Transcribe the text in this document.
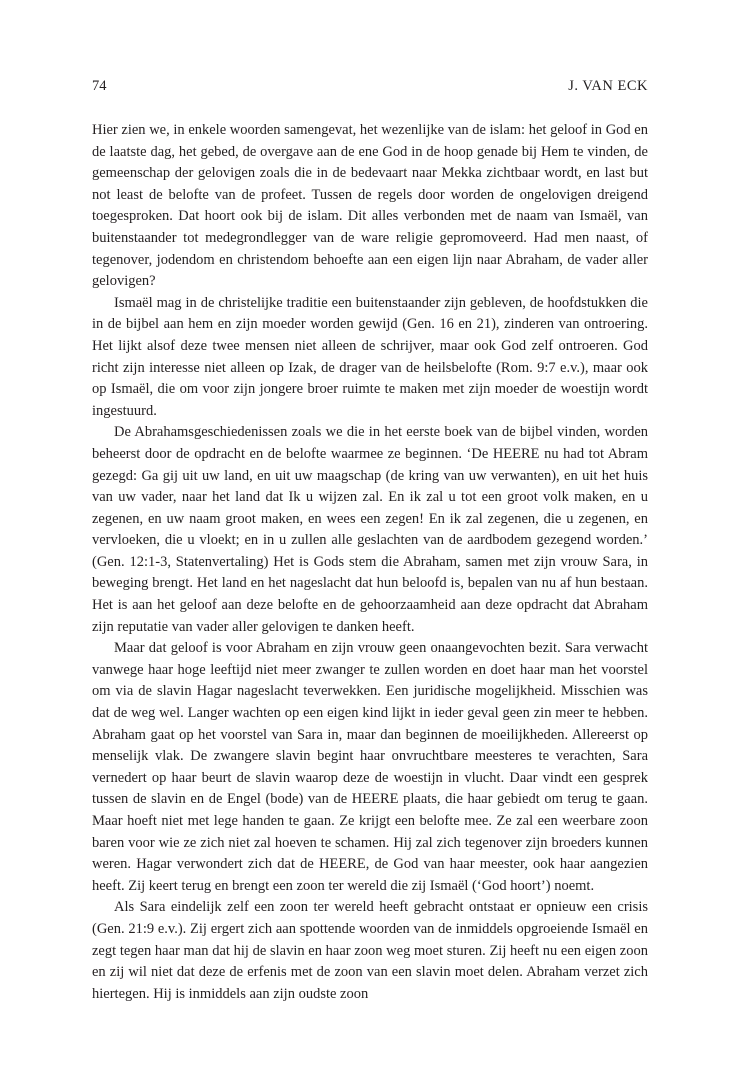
74	J. VAN ECK

Hier zien we, in enkele woorden samengevat, het wezenlijke van de islam: het geloof in God en de laatste dag, het gebed, de overgave aan de ene God in de hoop genade bij Hem te vinden, de gemeenschap der gelovigen zoals die in de bedevaart naar Mekka zichtbaar wordt, en last but not least de belofte van de profeet. Tussen de regels door worden de ongelovigen dreigend toegesproken. Dat hoort ook bij de islam. Dit alles verbonden met de naam van Ismaël, van buitenstaander tot medegrondlegger van de ware religie gepromoveerd. Had men naast, of tegenover, jodendom en christendom behoefte aan een eigen lijn naar Abraham, de vader aller gelovigen?

Ismaël mag in de christelijke traditie een buitenstaander zijn gebleven, de hoofdstukken die in de bijbel aan hem en zijn moeder worden gewijd (Gen. 16 en 21), zinderen van ontroering. Het lijkt alsof deze twee mensen niet alleen de schrijver, maar ook God zelf ontroeren. God richt zijn interesse niet alleen op Izak, de drager van de heilsbelofte (Rom. 9:7 e.v.), maar ook op Ismaël, die om voor zijn jongere broer ruimte te maken met zijn moeder de woestijn wordt ingestuurd.

De Abrahamsgeschiedenissen zoals we die in het eerste boek van de bijbel vinden, worden beheerst door de opdracht en de belofte waarmee ze beginnen. ‘De HEERE nu had tot Abram gezegd: Ga gij uit uw land, en uit uw maagschap (de kring van uw verwanten), en uit het huis van uw vader, naar het land dat Ik u wijzen zal. En ik zal u tot een groot volk maken, en u zegenen, en uw naam groot maken, en wees een zegen! En ik zal zegenen, die u zegenen, en vervloeken, die u vloekt; en in u zullen alle geslachten van de aardbodem gezegend worden.’ (Gen. 12:1-3, Statenvertaling) Het is Gods stem die Abraham, samen met zijn vrouw Sara, in beweging brengt. Het land en het nageslacht dat hun beloofd is, bepalen van nu af hun bestaan. Het is aan het geloof aan deze belofte en de gehoorzaamheid aan deze opdracht dat Abraham zijn reputatie van vader aller gelovigen te danken heeft.

Maar dat geloof is voor Abraham en zijn vrouw geen onaangevochten bezit. Sara verwacht vanwege haar hoge leeftijd niet meer zwanger te zullen worden en doet haar man het voorstel om via de slavin Hagar nageslacht teverwekken. Een juridische mogelijkheid. Misschien was dat de weg wel. Langer wachten op een eigen kind lijkt in ieder geval geen zin meer te hebben. Abraham gaat op het voorstel van Sara in, maar dan beginnen de moeilijkheden. Allereerst op menselijk vlak. De zwangere slavin begint haar onvruchtbare meesteres te verachten, Sara vernedert op haar beurt de slavin waarop deze de woestijn in vlucht. Daar vindt een gesprek tussen de slavin en de Engel (bode) van de HEERE plaats, die haar gebiedt om terug te gaan. Maar hoeft niet met lege handen te gaan. Ze krijgt een belofte mee. Ze zal een weerbare zoon baren voor wie ze zich niet zal hoeven te schamen. Hij zal zich tegenover zijn broeders kunnen weren. Hagar verwondert zich dat de HEERE, de God van haar meester, ook haar aangezien heeft. Zij keert terug en brengt een zoon ter wereld die zij Ismaël (‘God hoort’) noemt.

Als Sara eindelijk zelf een zoon ter wereld heeft gebracht ontstaat er opnieuw een crisis (Gen. 21:9 e.v.). Zij ergert zich aan spottende woorden van de inmiddels opgroeiende Ismaël en zegt tegen haar man dat hij de slavin en haar zoon weg moet sturen. Zij heeft nu een eigen zoon en zij wil niet dat deze de erfenis met de zoon van een slavin moet delen. Abraham verzet zich hiertegen. Hij is inmiddels aan zijn oudste zoon
